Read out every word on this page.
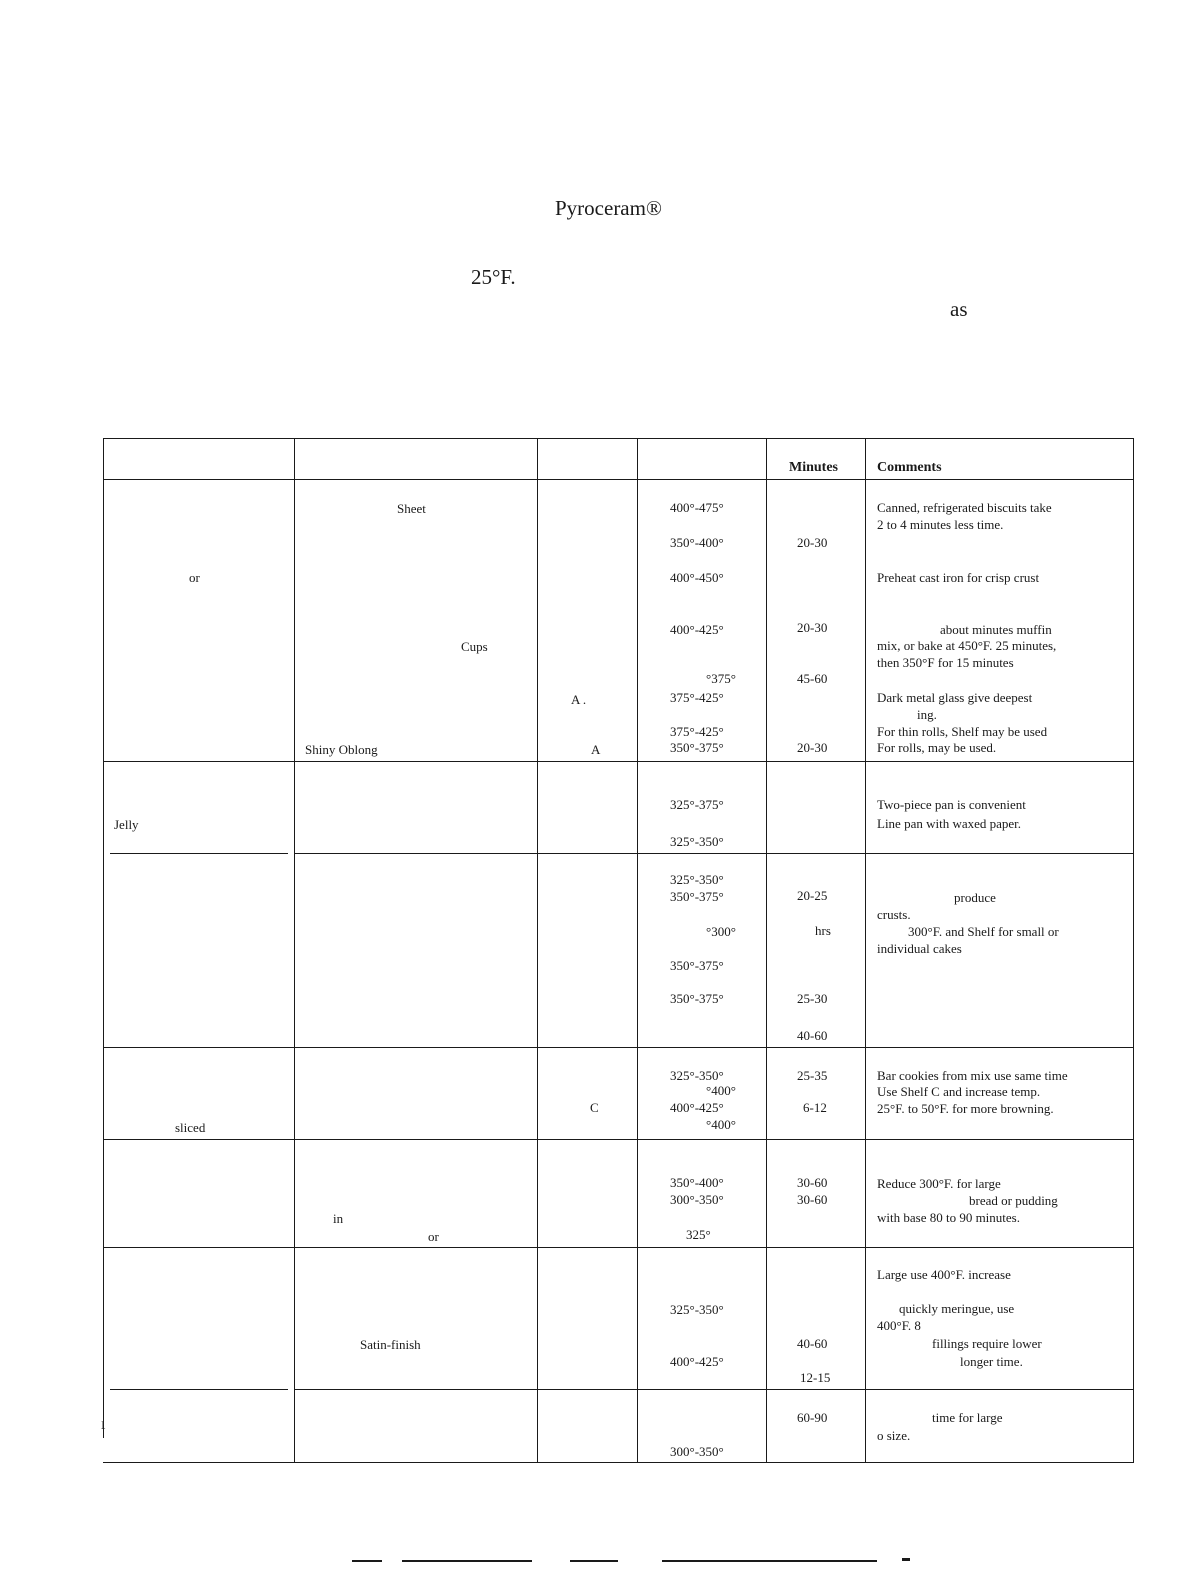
Pyroceram®
25°F.
as
Minutes	Comments
or
Jelly
sliced
ı
Sheet
Cups
Shiny Oblong
in
or
Satin-finish
A .
A
C
400°-475°
350°-400°
400°-450°
400°-425°
°375°
375°-425°
375°-425°
350°-375°
325°-375°
325°-350°
325°-350°
350°-375°
°300°
350°-375°
350°-375°
325°-350°
°400°
400°-425°
°400°
350°-400°
300°-350°
325°
325°-350°
400°-425°
300°-350°
20-30
20-30
45-60
20-30
20-25
hrs
25-30
40-60
25-35
6-12
30-60
30-60
40-60
12-15
60-90
Canned, refrigerated biscuits take
2 to 4 minutes less time.
Preheat cast iron for crisp crust
about minutes muffin
mix, or bake at 450°F. 25 minutes,
then 350°F for 15 minutes
Dark metal glass give deepest
ing.
For thin rolls, Shelf may be used
For rolls, may be used.
Two-piece pan is convenient
Line pan with waxed paper.
produce
crusts.
300°F. and Shelf for small or
individual cakes
Bar cookies from mix use same time
Use Shelf C and increase temp.
25°F. to 50°F. for more browning.
Reduce 300°F. for large
bread or pudding
with base 80 to 90 minutes.
Large use 400°F. increase
quickly meringue, use
400°F. 8
fillings require lower
longer time.
time for large
o size.
